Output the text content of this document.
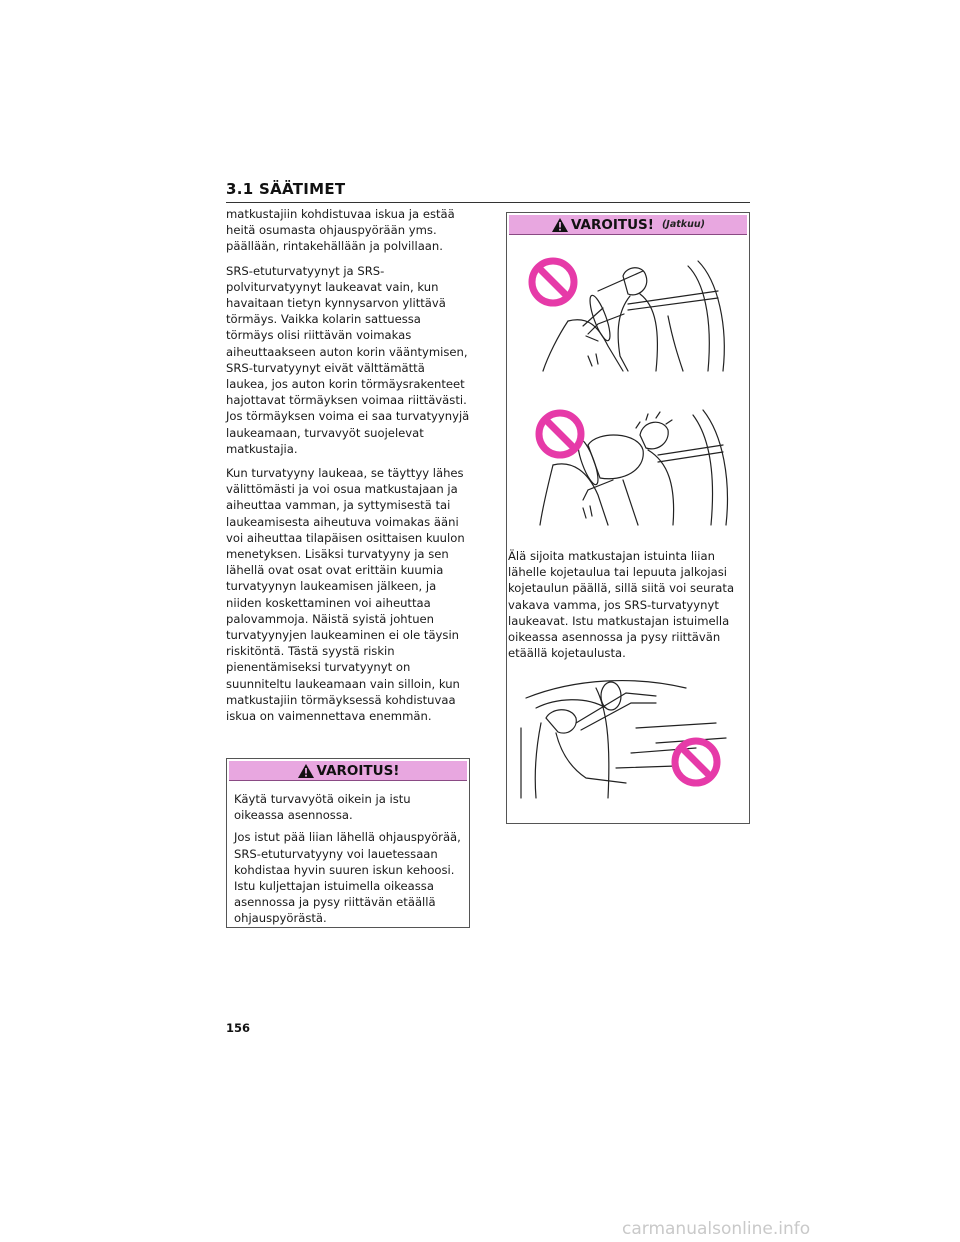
3.1 SÄÄTIMET

matkustajiin kohdistuvaa iskua ja estää heitä osumasta ohjauspyörään yms. päällään, rintakehällään ja polvillaan.

SRS-etuturvatyynyt ja SRS-polviturvatyynyt laukeavat vain, kun havaitaan tietyn kynnysarvon ylittävä törmäys. Vaikka kolarin sattuessa törmäys olisi riittävän voimakas aiheuttaakseen auton korin vääntymisen, SRS-turvatyynyt eivät välttämättä laukea, jos auton korin törmäysrakenteet hajottavat törmäyksen voimaa riittävästi. Jos törmäyksen voima ei saa turvatyynyjä laukeamaan, turvavyöt suojelevat matkustajia.

Kun turvatyyny laukeaa, se täyttyy lähes välittömästi ja voi osua matkustajaan ja aiheuttaa vamman, ja syttymisestä tai laukeamisesta aiheutuva voimakas ääni voi aiheuttaa tilapäisen osittaisen kuulon menetyksen. Lisäksi turvatyyny ja sen lähellä ovat osat ovat erittäin kuumia turvatyynyn laukeamisen jälkeen, ja niiden koskettaminen voi aiheuttaa palovammoja. Näistä syistä johtuen turvatyynyjen laukeaminen ei ole täysin riskitöntä. Tästä syystä riskin pienentämiseksi turvatyynyt on suunniteltu laukeamaan vain silloin, kun matkustajiin törmäyksessä kohdistuvaa iskua on vaimennettava enemmän.

VAROITUS!

Käytä turvavyötä oikein ja istu oikeassa asennossa.

Jos istut pää liian lähellä ohjauspyörää, SRS-etuturvatyyny voi lauetessaan kohdistaa hyvin suuren iskun kehoosi. Istu kuljettajan istuimella oikeassa asennossa ja pysy riittävän etäällä ohjauspyörästä.

VAROITUS! (Jatkuu)
Älä sijoita matkustajan istuinta liian lähelle kojetaulua tai lepuuta jalkojasi kojetaulun päällä, sillä siitä voi seurata vakava vamma, jos SRS-turvatyynyt laukeavat. Istu matkustajan istuimella oikeassa asennossa ja pysy riittävän etäällä kojetaulusta.
156
carmanualsonline.info
